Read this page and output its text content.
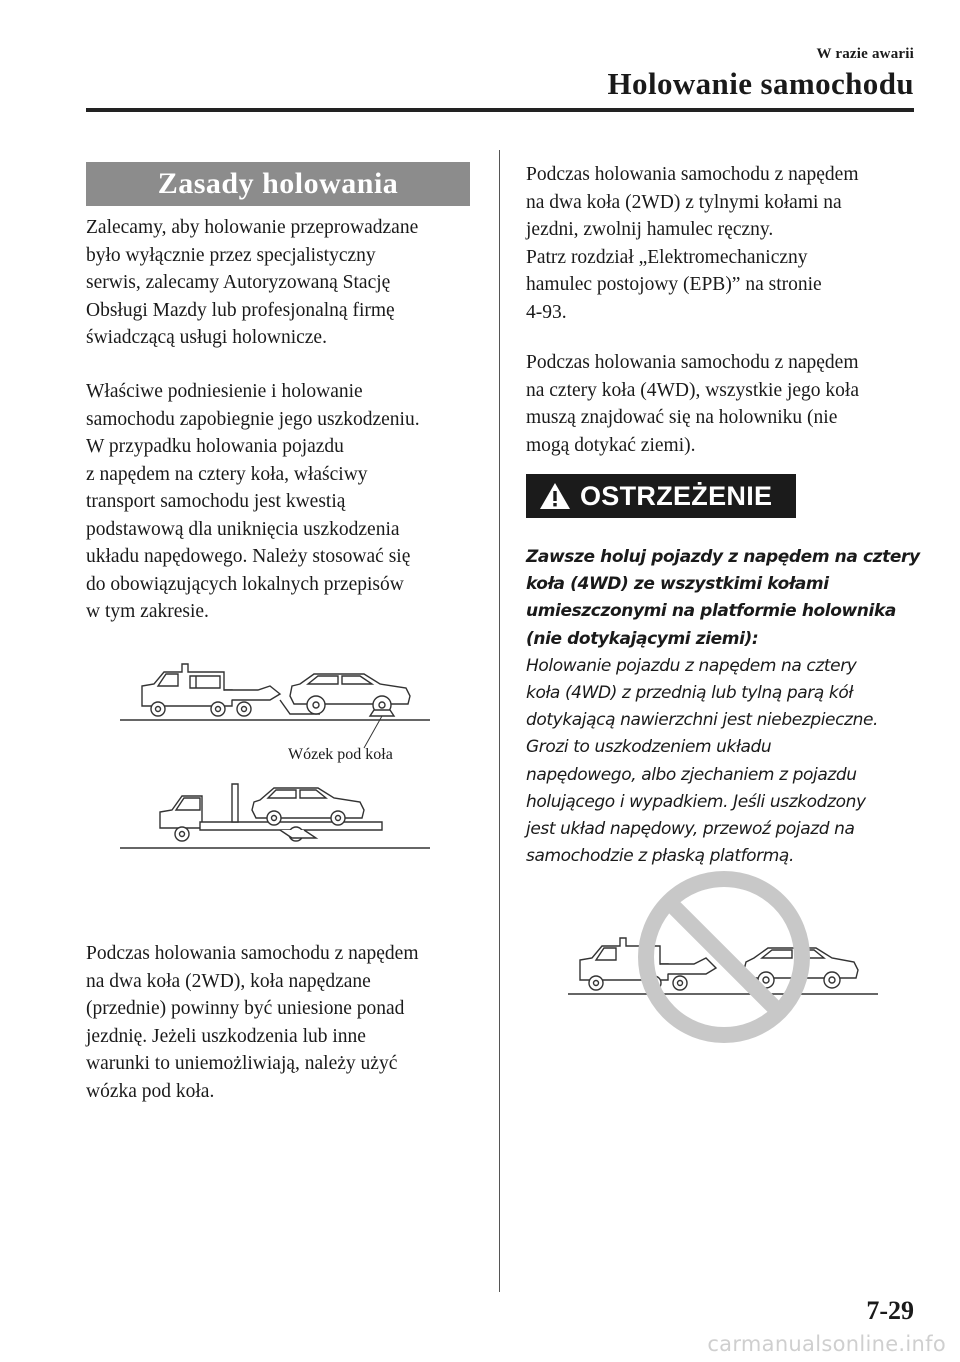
W razie awarii
Holowanie samochodu
Zasady holowania

Zalecamy, aby holowanie przeprowadzane
było wyłącznie przez specjalistyczny
serwis, zalecamy Autoryzowaną Stację
Obsługi Mazdy lub profesjonalną firmę
świadczącą usługi holownicze.

Właściwe podniesienie i holowanie
samochodu zapobiegnie jego uszkodzeniu.
W przypadku holowania pojazdu
z napędem na cztery koła, właściwy
transport samochodu jest kwestią
podstawową dla uniknięcia uszkodzenia
układu napędowego. Należy stosować się
do obowiązujących lokalnych przepisów
w tym zakresie.

Wózek pod koła

Podczas holowania samochodu z napędem
na dwa koła (2WD), koła napędzane
(przednie) powinny być uniesione ponad
jezdnię. Jeżeli uszkodzenia lub inne
warunki to uniemożliwiają, należy użyć
wózka pod koła.

Podczas holowania samochodu z napędem
na dwa koła (2WD) z tylnymi kołami na
jezdni, zwolnij hamulec ręczny.
Patrz rozdział „Elektromechaniczny
hamulec postojowy (EPB)” na stronie
4-93.

Podczas holowania samochodu z napędem
na cztery koła (4WD), wszystkie jego koła
muszą znajdować się na holowniku (nie
mogą dotykać ziemi).

OSTRZEŻENIE

Zawsze holuj pojazdy z napędem na cztery
koła (4WD) ze wszystkimi kołami
umieszczonymi na platformie holownika
(nie dotykającymi ziemi):
Holowanie pojazdu z napędem na cztery
koła (4WD) z przednią lub tylną parą kół
dotykającą nawierzchni jest niebezpieczne.
Grozi to uszkodzeniem układu
napędowego, albo zjechaniem z pojazdu
holującego i wypadkiem. Jeśli uszkodzony
jest układ napędowy, przewoź pojazd na
samochodzie z płaską platformą.

7-29
carmanualsonline.info
